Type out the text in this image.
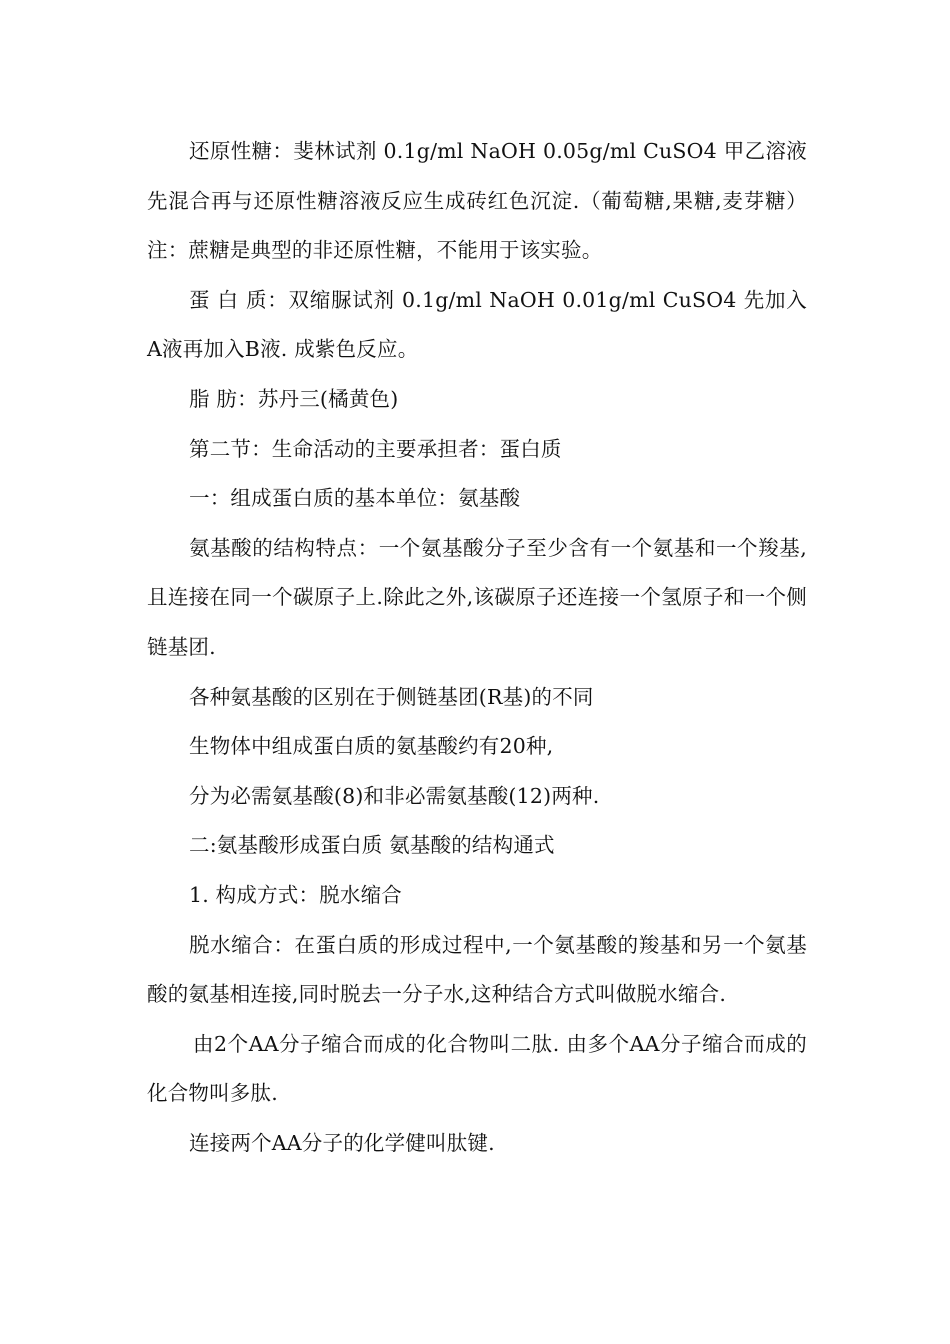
还原性糖：斐林试剂 0.1g/ml NaOH 0.05g/ml CuSO4 甲乙溶液先混合再与还原性糖溶液反应生成砖红色沉淀.（葡萄糖,果糖,麦芽糖）注：蔗糖是典型的非还原性糖，不能用于该实验。

蛋 白 质：双缩脲试剂 0.1g/ml NaOH 0.01g/ml CuSO4 先加入A液再加入B液. 成紫色反应。

脂 肪：苏丹三(橘黄色)

第二节：生命活动的主要承担者：蛋白质

一：组成蛋白质的基本单位：氨基酸

氨基酸的结构特点：一个氨基酸分子至少含有一个氨基和一个羧基,且连接在同一个碳原子上.除此之外,该碳原子还连接一个氢原子和一个侧链基团.

各种氨基酸的区别在于侧链基团(R基)的不同

生物体中组成蛋白质的氨基酸约有20种,

分为必需氨基酸(8)和非必需氨基酸(12)两种.

二:氨基酸形成蛋白质 氨基酸的结构通式

1. 构成方式：脱水缩合

脱水缩合：在蛋白质的形成过程中,一个氨基酸的羧基和另一个氨基酸的氨基相连接,同时脱去一分子水,这种结合方式叫做脱水缩合.

由2个AA分子缩合而成的化合物叫二肽. 由多个AA分子缩合而成的化合物叫多肽.

连接两个AA分子的化学健叫肽键.
